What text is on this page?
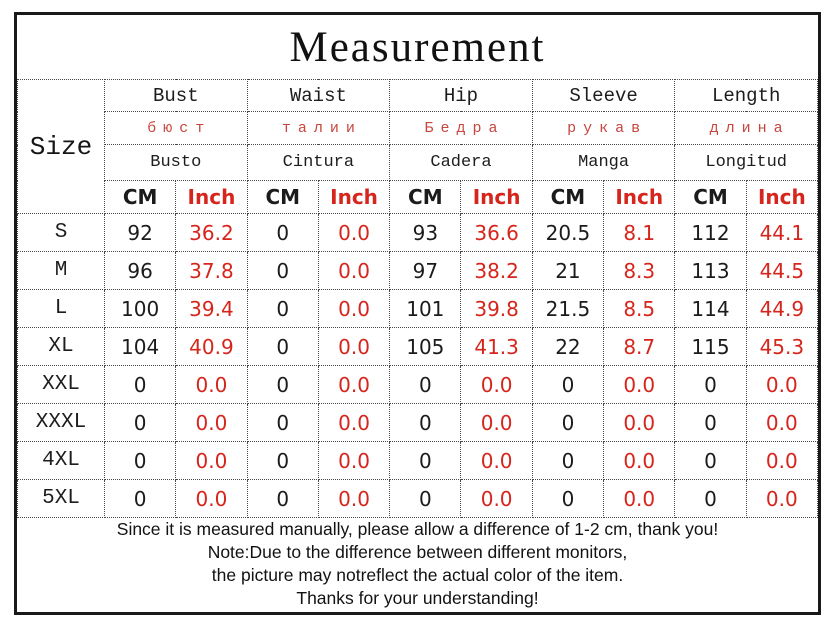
Measurement
Size	Bust		Waist		Hip		Sleeve		Length	
	бюст		талии		Бедра		рукав		длина	
	Busto		Cintura		Cadera		Manga		Longitud	
	CM	Inch	CM	Inch	CM	Inch	CM	Inch	CM	Inch
S	92	36.2	0	0.0	93	36.6	20.5	8.1	112	44.1
M	96	37.8	0	0.0	97	38.2	21	8.3	113	44.5
L	100	39.4	0	0.0	101	39.8	21.5	8.5	114	44.9
XL	104	40.9	0	0.0	105	41.3	22	8.7	115	45.3
XXL	0	0.0	0	0.0	0	0.0	0	0.0	0	0.0
XXXL	0	0.0	0	0.0	0	0.0	0	0.0	0	0.0
4XL	0	0.0	0	0.0	0	0.0	0	0.0	0	0.0
5XL	0	0.0	0	0.0	0	0.0	0	0.0	0	0.0

Since it is measured manually, please allow a difference of 1-2 cm, thank you!

Note:Due to the difference between different monitors,

the picture may notreflect the actual color of the item.

Thanks for your understanding!
